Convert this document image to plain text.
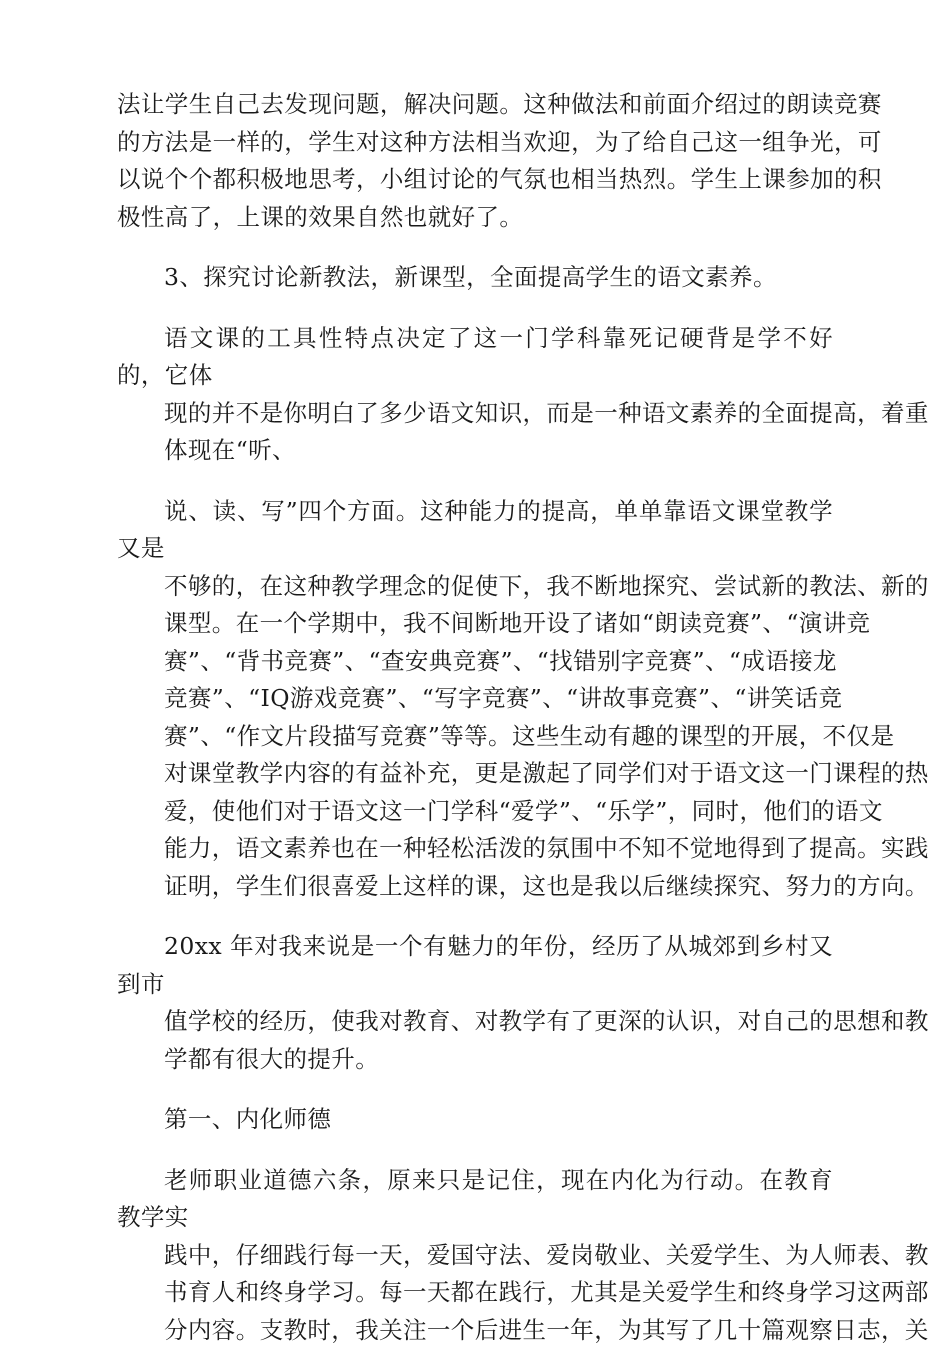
法让学生自己去发现问题，解决问题。这种做法和前面介绍过的朗读竞赛
的方法是一样的，学生对这种方法相当欢迎，为了给自己这一组争光，可
以说个个都积极地思考，小组讨论的气氛也相当热烈。学生上课参加的积
极性高了，上课的效果自然也就好了。

3、探究讨论新教法，新课型，全面提高学生的语文素养。

语文课的工具性特点决定了这一门学科靠死记硬背是学不好的，它体
现的并不是你明白了多少语文知识，而是一种语文素养的全面提高，着重
体现在“听、

说、读、写”四个方面。这种能力的提高，单单靠语文课堂教学又是
不够的，在这种教学理念的促使下，我不断地探究、尝试新的教法、新的
课型。在一个学期中，我不间断地开设了诸如“朗读竞赛”、“演讲竞
赛”、“背书竞赛”、“查安典竞赛”、“找错别字竞赛”、“成语接龙
竞赛”、“IQ游戏竞赛”、“写字竞赛”、“讲故事竞赛”、“讲笑话竞
赛”、“作文片段描写竞赛”等等。这些生动有趣的课型的开展，不仅是
对课堂教学内容的有益补充，更是激起了同学们对于语文这一门课程的热
爱，使他们对于语文这一门学科“爱学”、“乐学”，同时，他们的语文
能力，语文素养也在一种轻松活泼的氛围中不知不觉地得到了提高。实践
证明，学生们很喜爱上这样的课，这也是我以后继续探究、努力的方向。

20xx 年对我来说是一个有魅力的年份，经历了从城郊到乡村又到市
值学校的经历，使我对教育、对教学有了更深的认识，对自己的思想和教
学都有很大的提升。

第一、内化师德

老师职业道德六条，原来只是记住，现在内化为行动。在教育教学实
践中，仔细践行每一天，爱国守法、爱岗敬业、关爱学生、为人师表、教
书育人和终身学习。每一天都在践行，尤其是关爱学生和终身学习这两部
分内容。支教时，我关注一个后进生一年，为其写了几十篇观察日志，关
